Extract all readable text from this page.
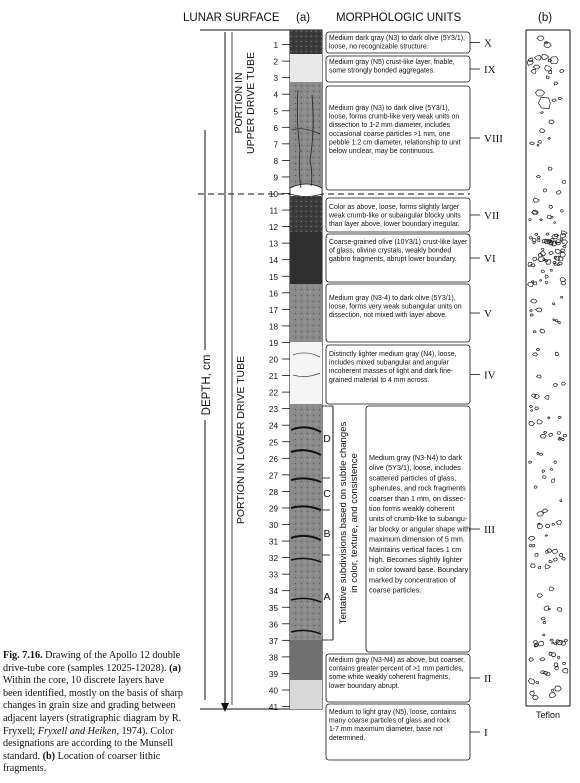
LUNAR SURFACE (a) MORPHOLOGIC UNITS	(b)
1
2
3
4
5
6
7
8
9
10
11
12
13
14
15
16
17
18
19
20
21
22
23
24
25
26
27
28
29
30
31
32
33
34
35
36
37
38
39
40
41
DEPTH, cm
PORTION INUPPER DRIVE TUBE
PORTION IN LOWER DRIVE TUBE	D
C
B
A Tentative subdivisions based on subtle changesin color, texture, and consistence
X
Medium dark gray (N3) to dark olive (5Y3/1), loose, no recognizable structure.
IX
Medium gray (N5) crust-like layer, friable, some strongly bonded aggregates.
VIII
Medium gray (N3) to dark olive (5Y3/1), loose, forms crumb-like very weak units on dissection to 1-2 mm diameter, includes occasional coarse particles >1 mm, one pebble 1.2 cm diameter, relationship to unit below unclear, may be continuous.
VII
Color as above, loose, forms slightly larger weak crumb-like or subangular blocky units than layer above, lower boundary irregular.
VI
Coarse-grained olive (10Y3/1) crust-like layer of glass, olivine crystals, weakly bonded gabbro fragments, abrupt lower boundary.
V
Medium gray (N3-4) to dark olive (5Y3/1), loose, forms very weak subangular units on dissection, not mixed with layer above.
IV
Distinctly lighter medium gray (N4), loose, includes mixed subangular and angular incoherent masses of light and dark fine-grained material to 4 mm across.
III
Medium gray (N3-N4) to dark olive (5Y3/1), loose, includes scattered particles of glass, spherules, and rock fragments coarser than 1 mm, on dissec-tion forms weakly coherent units of crumb-like to subangu-lar blocky or angular shape with maximum dimension of 5 mm. Maintains vertical faces 1 cm high. Becomes slightly lighter in color toward base. Boundary marked by concentration of coarse particles.
II
Medium gray (N3-N4) as above, but coarser, contains greater percent of >1 mm particles, some white weakly coherent fragments, lower boundary abrupt.
I
Medium to light gray (N5), loose, contains many coarse particles of glass and rock 1-7 mm maximum diameter, base not determined.
Teflon
Fig. 7.16. Drawing of the Apollo 12 double drive-tube core (samples 12025-12028). (a) Within the core, 10 discrete layers have been identified, mostly on the basis of sharp changes in grain size and grading between adjacent layers (stratigraphic diagram by R. Fryxell; Fryxell and Heiken, 1974). Color designations are according to the Munsell standard. (b) Location of coarser lithic fragments.
